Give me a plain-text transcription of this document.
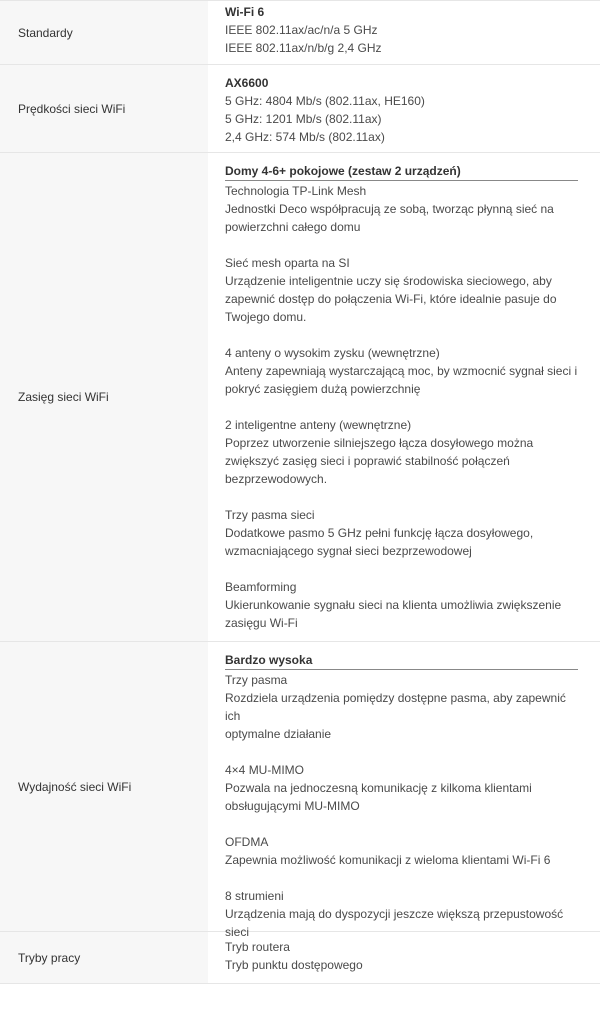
Standardy
Wi-Fi 6
IEEE 802.11ax/ac/n/a 5 GHz
IEEE 802.11ax/n/b/g 2,4 GHz
Prędkości sieci WiFi
AX6600
5 GHz: 4804 Mb/s (802.11ax, HE160)
5 GHz: 1201 Mb/s (802.11ax)
2,4 GHz: 574 Mb/s (802.11ax)
Zasięg sieci WiFi
Domy 4-6+ pokojowe (zestaw 2 urządzeń)
Technologia TP-Link Mesh
Jednostki Deco współpracują ze sobą, tworząc płynną sieć na
powierzchni całego domu
Sieć mesh oparta na SI
Urządzenie inteligentnie uczy się środowiska sieciowego, aby
zapewnić dostęp do połączenia Wi-Fi, które idealnie pasuje do
Twojego domu.
4 anteny o wysokim zysku (wewnętrzne)
Anteny zapewniają wystarczającą moc, by wzmocnić sygnał sieci i
pokryć zasięgiem dużą powierzchnię
2 inteligentne anteny (wewnętrzne)
Poprzez utworzenie silniejszego łącza dosyłowego można
zwiększyć zasięg sieci i poprawić stabilność połączeń
bezprzewodowych.
Trzy pasma sieci
Dodatkowe pasmo 5 GHz pełni funkcję łącza dosyłowego,
wzmacniającego sygnał sieci bezprzewodowej
Beamforming
Ukierunkowanie sygnału sieci na klienta umożliwia zwiększenie
zasięgu Wi-Fi
Wydajność sieci WiFi
Bardzo wysoka
Trzy pasma
Rozdziela urządzenia pomiędzy dostępne pasma, aby zapewnić ich
optymalne działanie
4×4 MU-MIMO
Pozwala na jednoczesną komunikację z kilkoma klientami
obsługującymi MU-MIMO
OFDMA
Zapewnia możliwość komunikacji z wieloma klientami Wi-Fi 6
8 strumieni
Urządzenia mają do dyspozycji jeszcze większą przepustowość
sieci
Tryby pracy
Tryb routera
Tryb punktu dostępowego
